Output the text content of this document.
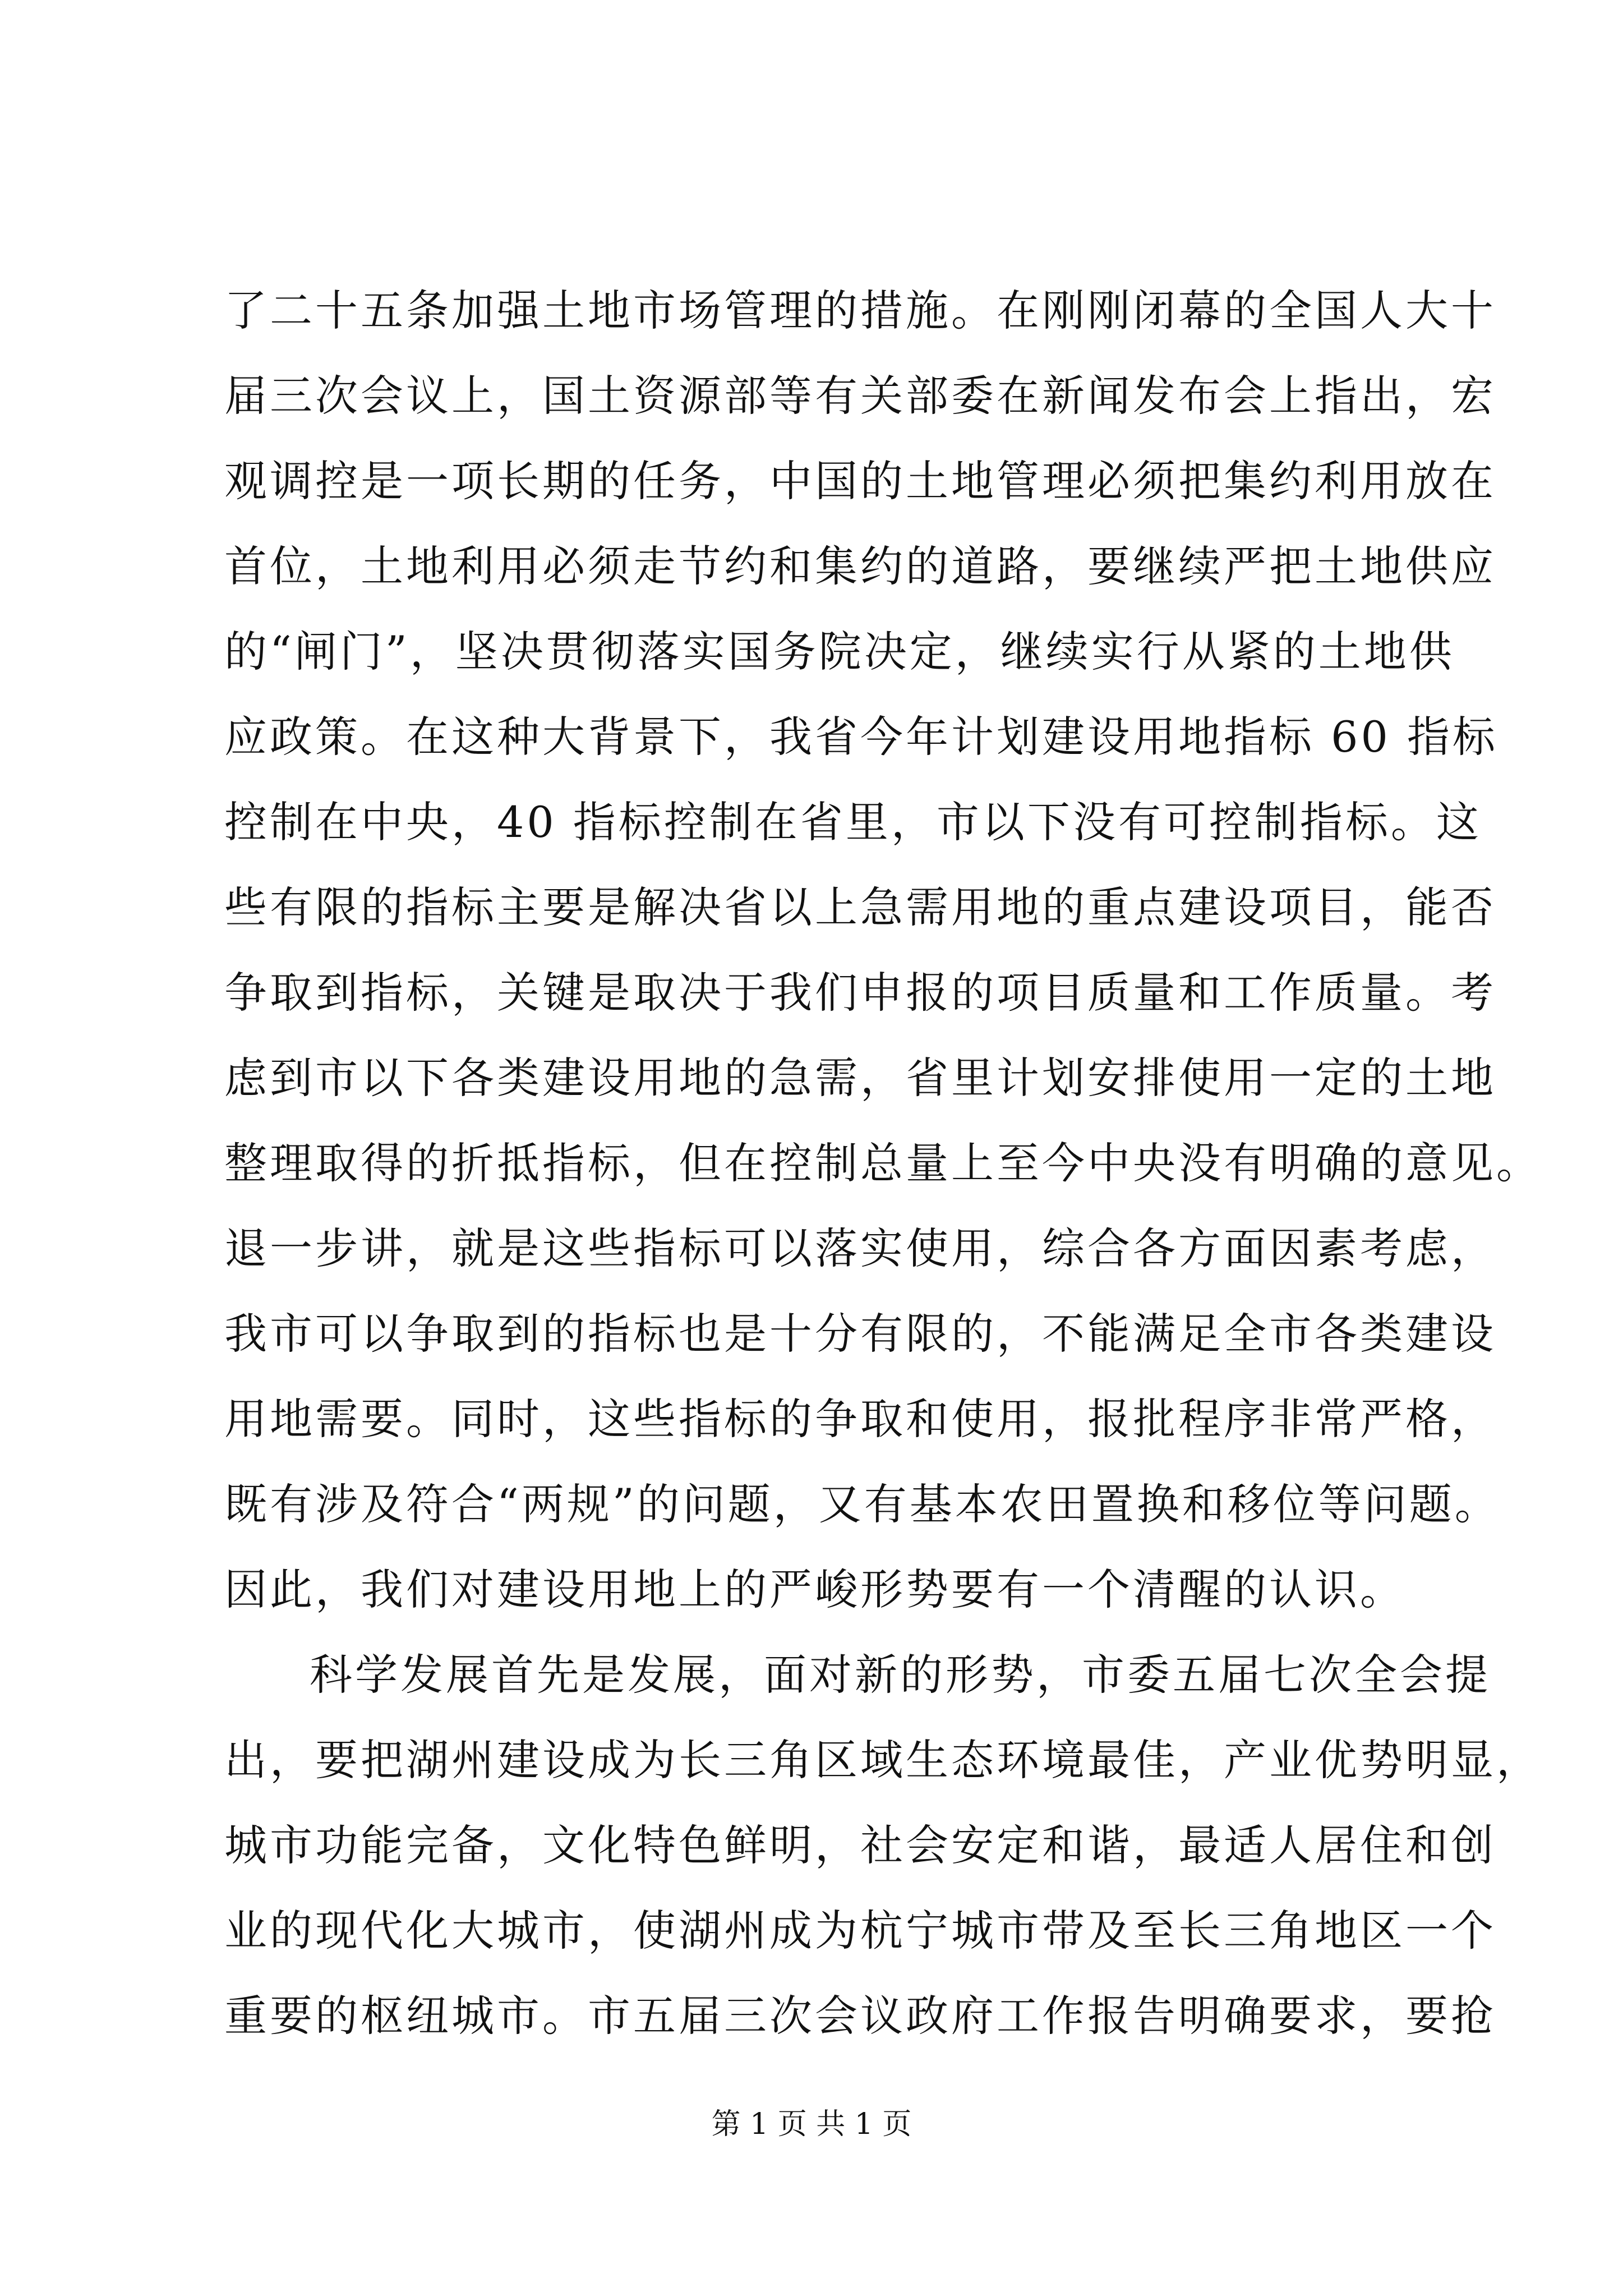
了二十五条加强土地市场管理的措施。在刚刚闭幕的全国人大十
届三次会议上，国土资源部等有关部委在新闻发布会上指出，宏
观调控是一项长期的任务，中国的土地管理必须把集约利用放在
首位，土地利用必须走节约和集约的道路，要继续严把土地供应
的“闸门”，坚决贯彻落实国务院决定，继续实行从紧的土地供
应政策。在这种大背景下，我省今年计划建设用地指标 60 指标
控制在中央，40 指标控制在省里，市以下没有可控制指标。这
些有限的指标主要是解决省以上急需用地的重点建设项目，能否
争取到指标，关键是取决于我们申报的项目质量和工作质量。考
虑到市以下各类建设用地的急需，省里计划安排使用一定的土地
整理取得的折抵指标，但在控制总量上至今中央没有明确的意见。
退一步讲，就是这些指标可以落实使用，综合各方面因素考虑，
我市可以争取到的指标也是十分有限的，不能满足全市各类建设
用地需要。同时，这些指标的争取和使用，报批程序非常严格，
既有涉及符合“两规”的问题，又有基本农田置换和移位等问题。
因此，我们对建设用地上的严峻形势要有一个清醒的认识。
科学发展首先是发展，面对新的形势，市委五届七次全会提
出，要把湖州建设成为长三角区域生态环境最佳，产业优势明显，
城市功能完备，文化特色鲜明，社会安定和谐，最适人居住和创
业的现代化大城市，使湖州成为杭宁城市带及至长三角地区一个
重要的枢纽城市。市五届三次会议政府工作报告明确要求，要抢
第 1 页 共 1 页
